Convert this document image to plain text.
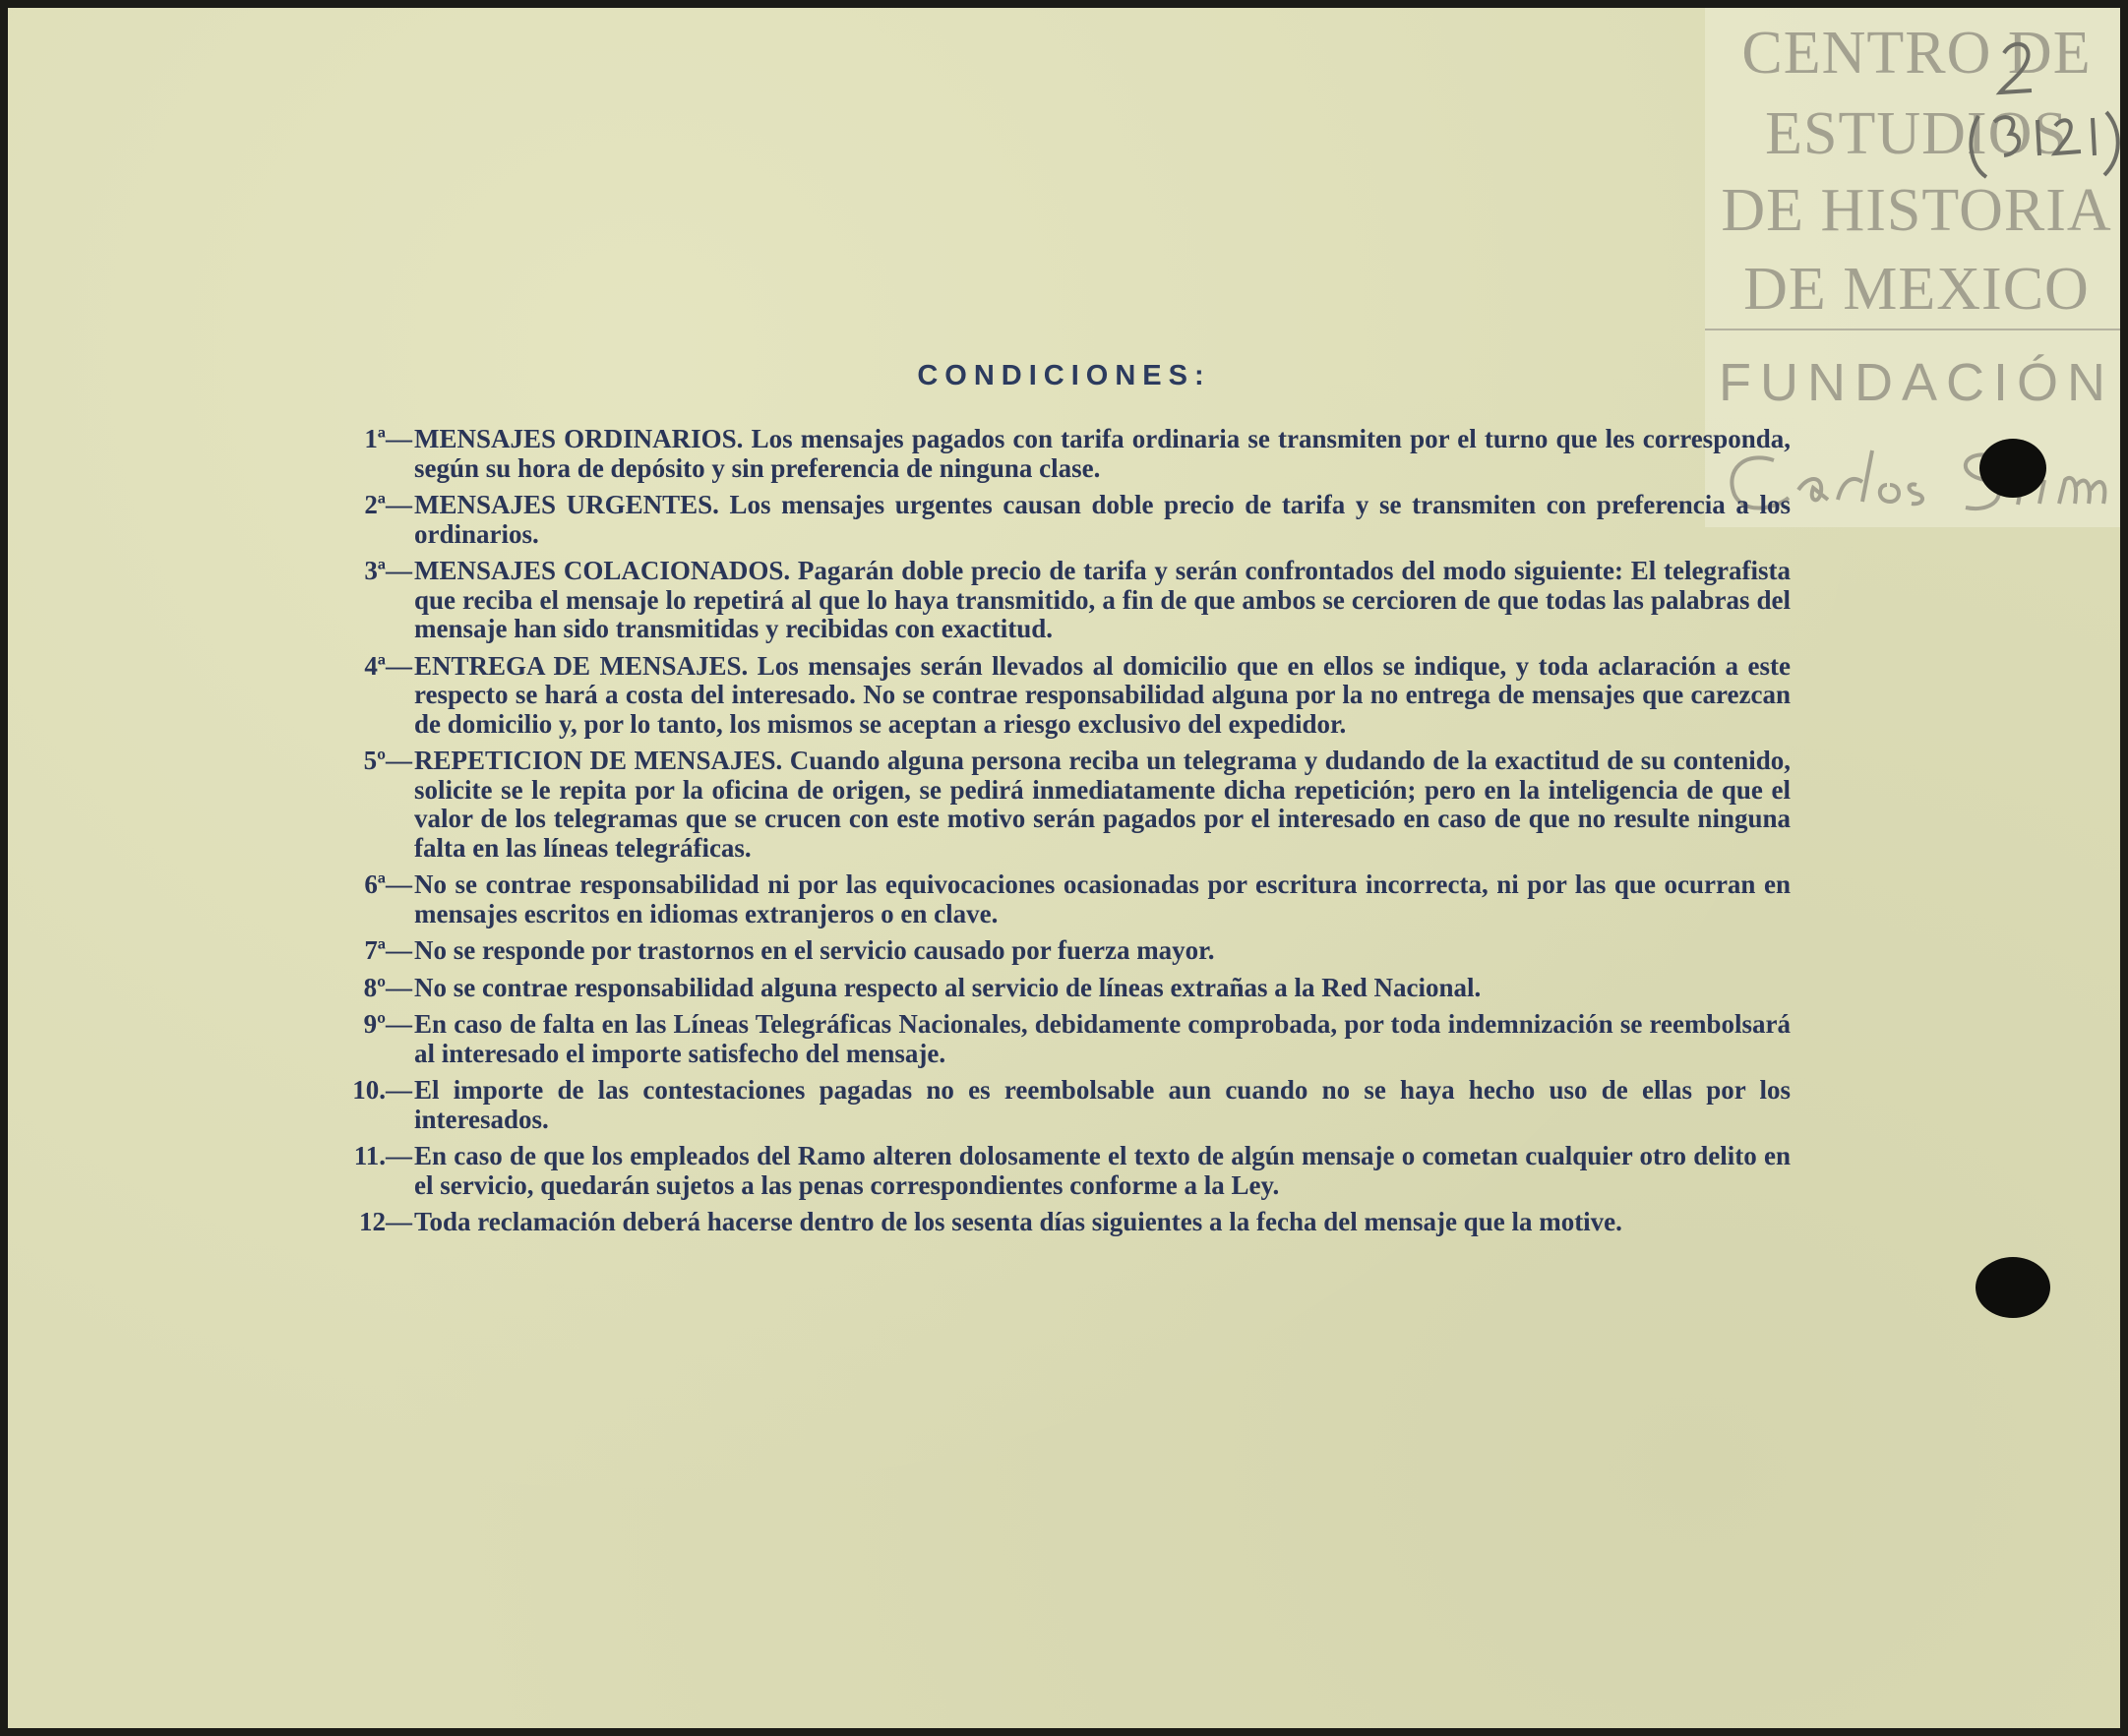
CENTRO DE
ESTUDIOS
DE HISTORIA
DE MEXICO
FUNDACIÓN
CONDICIONES:
1ª— MENSAJES ORDINARIOS. Los mensajes pagados con tarifa ordinaria se transmiten por el turno que les corresponda, según su hora de depósito y sin preferencia de ninguna clase.
2ª— MENSAJES URGENTES. Los mensajes urgentes causan doble precio de tarifa y se transmiten con preferencia a los ordinarios.
3ª— MENSAJES COLACIONADOS. Pagarán doble precio de tarifa y serán confrontados del modo siguiente: El telegrafista que reciba el mensaje lo repetirá al que lo haya transmitido, a fin de que ambos se cercioren de que todas las palabras del mensaje han sido transmitidas y recibidas con exactitud.
4ª— ENTREGA DE MENSAJES. Los mensajes serán llevados al domicilio que en ellos se indique, y toda aclaración a este respecto se hará a costa del interesado. No se contrae responsabilidad alguna por la no entrega de mensajes que carezcan de domicilio y, por lo tanto, los mismos se aceptan a riesgo exclusivo del expedidor.
5º— REPETICION DE MENSAJES. Cuando alguna persona reciba un telegrama y dudando de la exactitud de su contenido, solicite se le repita por la oficina de origen, se pedirá inmediatamente dicha repetición; pero en la inteligencia de que el valor de los telegramas que se crucen con este motivo serán pagados por el interesado en caso de que no resulte ninguna falta en las líneas telegráficas.
6ª— No se contrae responsabilidad ni por las equivocaciones ocasionadas por escritura incorrecta, ni por las que ocurran en mensajes escritos en idiomas extranjeros o en clave.
7ª— No se responde por trastornos en el servicio causado por fuerza mayor.
8º— No se contrae responsabilidad alguna respecto al servicio de líneas extrañas a la Red Nacional.
9º— En caso de falta en las Líneas Telegráficas Nacionales, debidamente comprobada, por toda indemnización se reembolsará al interesado el importe satisfecho del mensaje.
10.— El importe de las contestaciones pagadas no es reembolsable aun cuando no se haya hecho uso de ellas por los interesados.
11.— En caso de que los empleados del Ramo alteren dolosamente el texto de algún mensaje o cometan cualquier otro delito en el servicio, quedarán sujetos a las penas correspondientes conforme a la Ley.
12— Toda reclamación deberá hacerse dentro de los sesenta días siguientes a la fecha del mensaje que la motive.
